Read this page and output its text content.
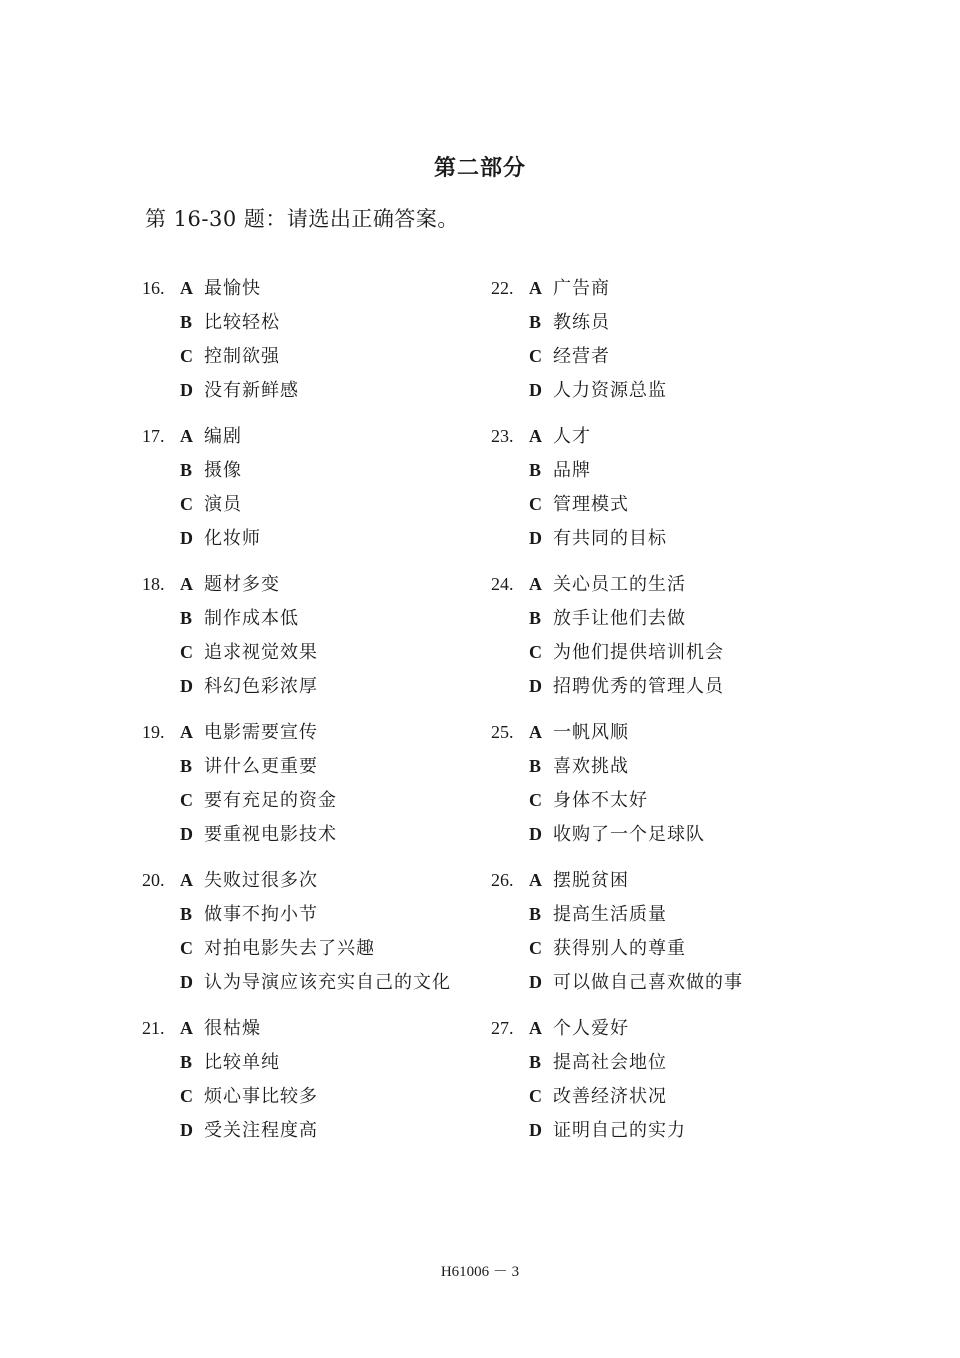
第二部分
第 16-30 题：请选出正确答案。
16. A 最愉快
B 比较轻松
C 控制欲强
D 没有新鲜感
17. A 编剧
B 摄像
C 演员
D 化妆师
18. A 题材多变
B 制作成本低
C 追求视觉效果
D 科幻色彩浓厚
19. A 电影需要宣传
B 讲什么更重要
C 要有充足的资金
D 要重视电影技术
20. A 失败过很多次
B 做事不拘小节
C 对拍电影失去了兴趣
D 认为导演应该充实自己的文化
21. A 很枯燥
B 比较单纯
C 烦心事比较多
D 受关注程度高
22. A 广告商
B 教练员
C 经营者
D 人力资源总监
23. A 人才
B 品牌
C 管理模式
D 有共同的目标
24. A 关心员工的生活
B 放手让他们去做
C 为他们提供培训机会
D 招聘优秀的管理人员
25. A 一帆风顺
B 喜欢挑战
C 身体不太好
D 收购了一个足球队
26. A 摆脱贫困
B 提高生活质量
C 获得别人的尊重
D 可以做自己喜欢做的事
27. A 个人爱好
B 提高社会地位
C 改善经济状况
D 证明自己的实力
H61006 － 3
